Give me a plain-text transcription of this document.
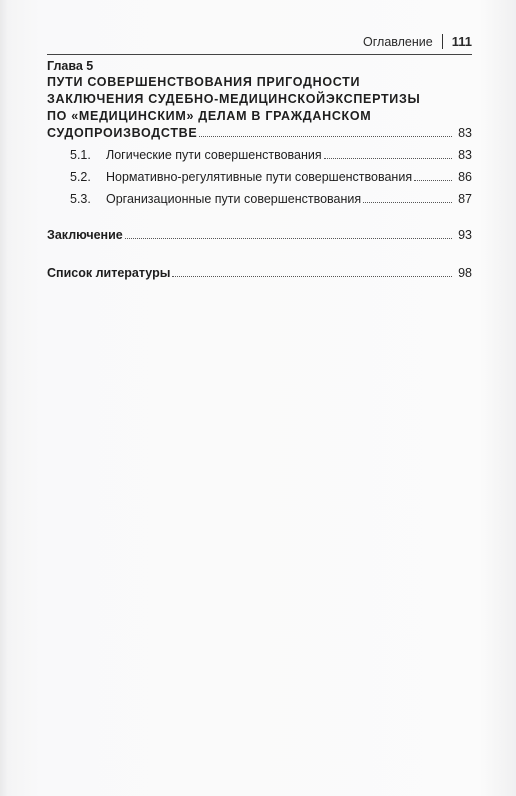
Оглавление 111
Глава 5
ПУТИ СОВЕРШЕНСТВОВАНИЯ ПРИГОДНОСТИ
ЗАКЛЮЧЕНИЯ СУДЕБНО-МЕДИЦИНСКОЙЭКСПЕРТИЗЫ
ПО «МЕДИЦИНСКИМ» ДЕЛАМ В ГРАЖДАНСКОМ
СУДОПРОИЗВОДСТВЕ	83
5.1.	Логические пути совершенствования	83
5.2.	Нормативно-регулятивные пути совершенствования	86
5.3.	Организационные пути совершенствования	87
Заключение	93
Список литературы	98
